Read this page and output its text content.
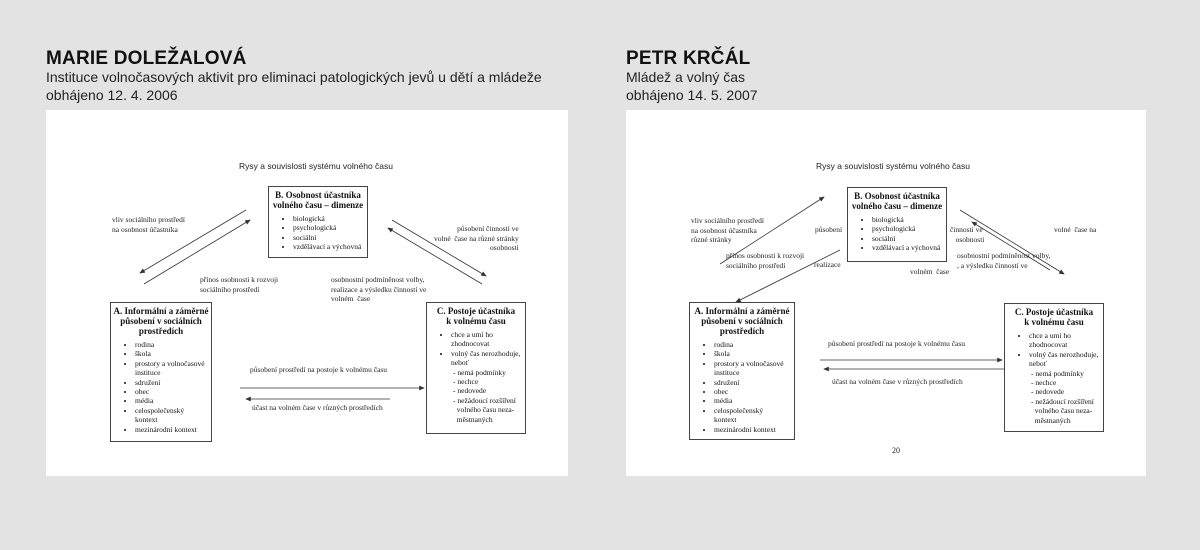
MARIE DOLEŽALOVÁ

Instituce volnočasových aktivit pro eliminaci patologických jevů u dětí a mládeže

obhájeno 12. 4. 2006

Rysy a souvislosti systému volného času
B. Osobnost účastníka
volného času – dimenze
• biologická
• psychologická
• sociální
• vzdělávací a výchovná
A. Informální a záměrné
působení v sociálních
prostředích
• rodina
• škola
• prostory a volnočasové
instituce
• sdružení
• obec
• média
• celospolečenský
kontext
• mezinárodní kontext
C. Postoje účastníka
k volnému času
• chce a umí ho
zhodnocovat
• volný čas nerozhoduje,
neboť
- nemá podmínky
- nechce
- nedovede
- nežádoucí rozšíření
volného času neza-
městnaných
vliv sociálního prostředí
na osobnost účastníka	působení činnosti ve
volné  čase na různé stránky
osobnosti
přínos osobnosti k rozvoji
sociálního prostředí
osobnostní podmíněnost volby,
realizace a výsledku činností ve
volném  čase
působení prostředí na postoje k volnému času
účast na volném čase v různých prostředích
PETR KRČÁL

Mládež a volný čas

obhájeno 14. 5. 2007

Rysy a souvislosti systému volného času
B. Osobnost účastníka
volného času – dimenze
• biologická
• psychologická
• sociální
• vzdělávací a výchovná
A. Informální a záměrné
působení v sociálních
prostředích
• rodina
• škola
• prostory a volnočasové
instituce
• sdružení
• obec
• média
• celospolečenský
kontext
• mezinárodní kontext
C. Postoje účastníka
k volnému času
• chce a umí ho
zhodnocovat
• volný čas nerozhoduje,
neboť
- nemá podmínky
- nechce
- nedovede
- nežádoucí rozšíření
volného času neza-
městnaných
vliv sociálního prostředí
na osobnost účastníka
různé stránky
přínos osobnosti k rozvoji
sociálního prostředí
působení
realizace
činnosti ve
osobnosti
volné  čase na
osobnostní podmíněnost volby,
, a výsledku činností ve
volném  čase
působení prostředí na postoje k volnému času
účast na volném čase v různých prostředích
20
